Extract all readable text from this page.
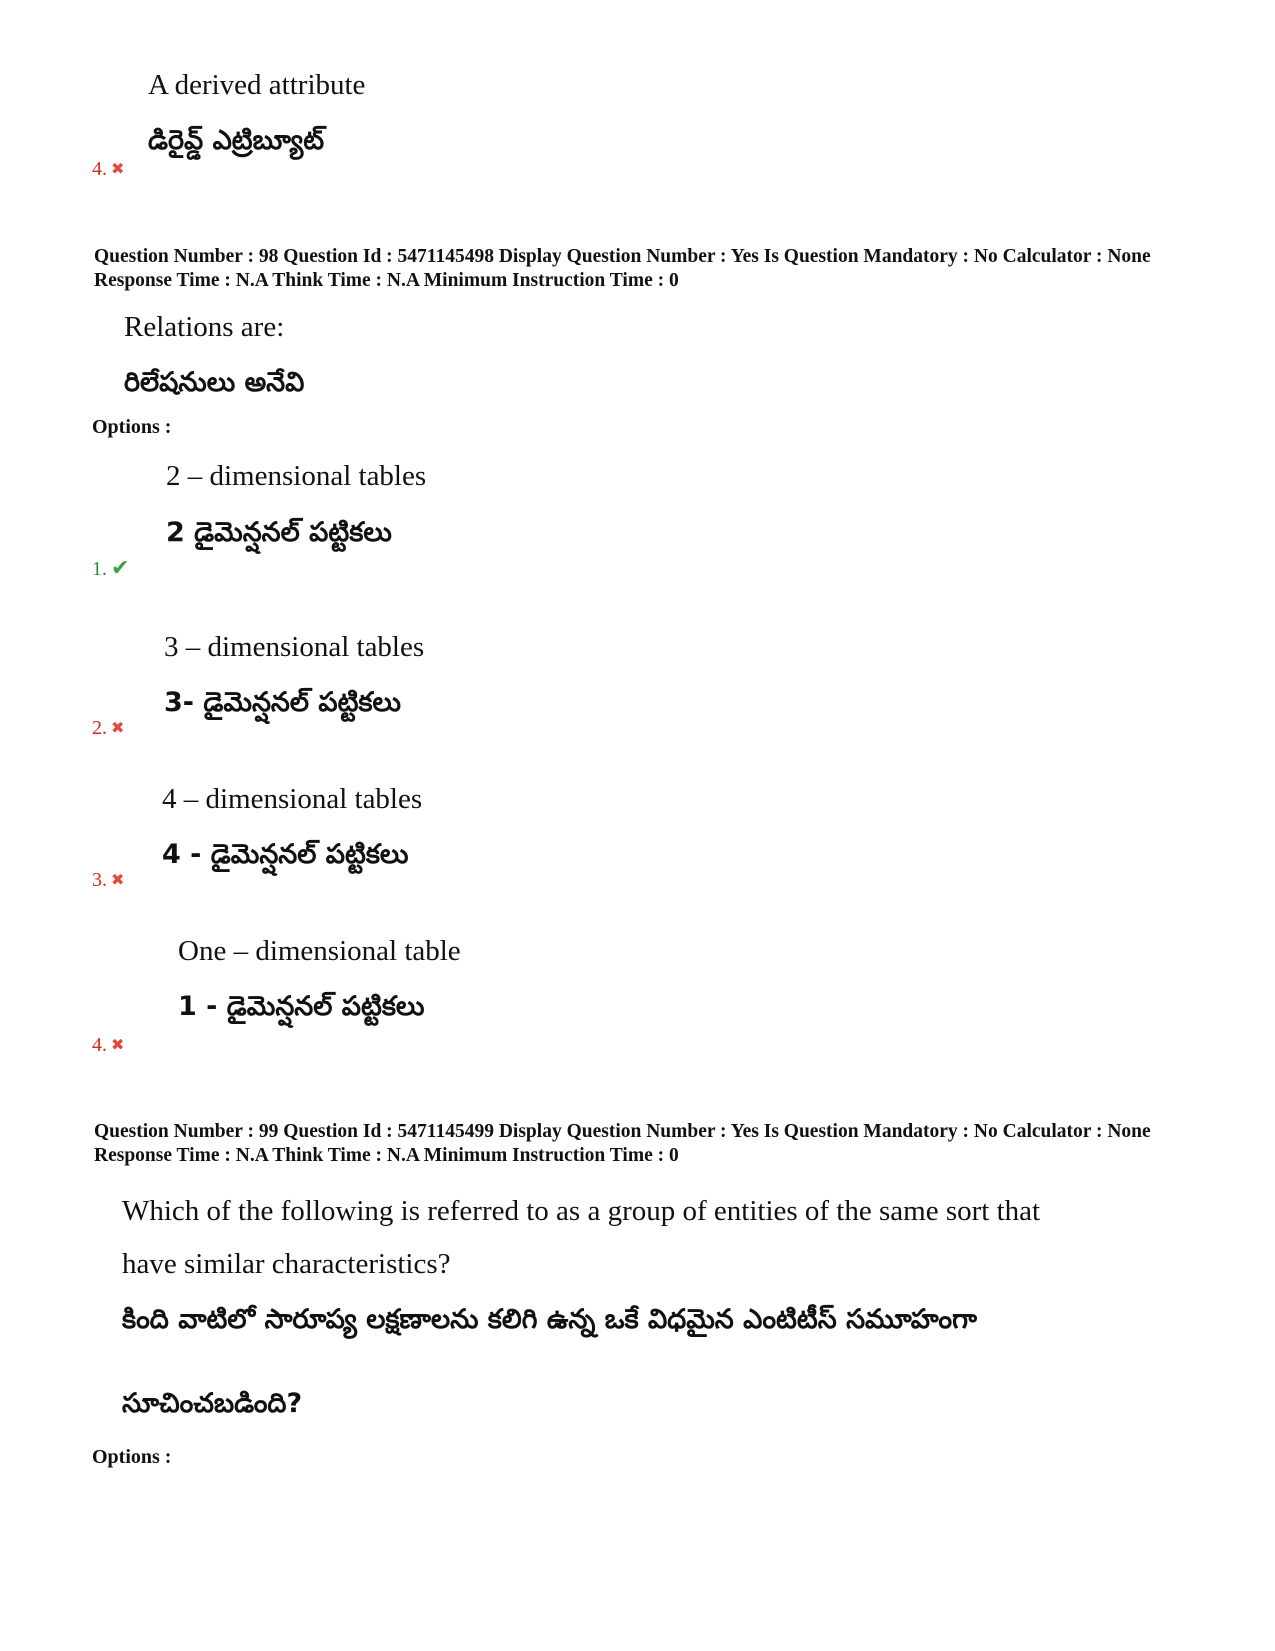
A derived attribute
డిరైవ్డ్ ఎట్రిబ్యూట్
4. ✖
Question Number : 98 Question Id : 5471145498 Display Question Number : Yes Is Question Mandatory : No Calculator : None Response Time : N.A Think Time : N.A Minimum Instruction Time : 0
Relations are:
రిలేషనులు అనేవి
Options :
2 – dimensional tables
2 డైమెన్షనల్ పట్టికలు
1. ✔
3 – dimensional tables
3- డైమెన్షనల్ పట్టికలు
2. ✖
4 – dimensional tables
4 - డైమెన్షనల్ పట్టికలు
3. ✖
One – dimensional table
1 - డైమెన్షనల్ పట్టికలు
4. ✖
Question Number : 99 Question Id : 5471145499 Display Question Number : Yes Is Question Mandatory : No Calculator : None Response Time : N.A Think Time : N.A Minimum Instruction Time : 0
Which of the following is referred to as a group of entities of the same sort that
have similar characteristics?
కింది వాటిలో సారూప్య లక్షణాలను కలిగి ఉన్న ఒకే విధమైన ఎంటిటీస్ సమూహంగా
సూచించబడింది?
Options :
